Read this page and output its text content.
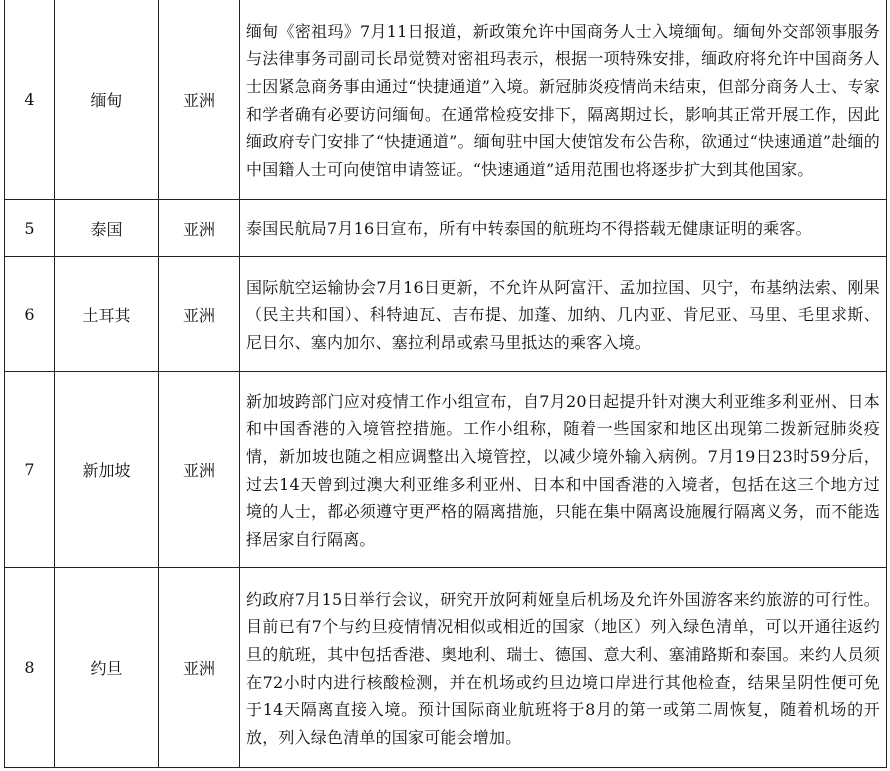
4	缅甸	亚洲	缅甸《密祖玛》7月11日报道，新政策允许中国商务人士入境缅甸。缅甸外交部领事服务与法律事务司副司长昂觉赞对密祖玛表示，根据一项特殊安排，缅政府将允许中国商务人士因紧急商务事由通过“快捷通道”入境。新冠肺炎疫情尚未结束，但部分商务人士、专家和学者确有必要访问缅甸。在通常检疫安排下，隔离期过长，影响其正常开展工作，因此缅政府专门安排了“快捷通道”。缅甸驻中国大使馆发布公告称，欲通过“快速通道”赴缅的中国籍人士可向使馆申请签证。“快速通道”适用范围也将逐步扩大到其他国家。

5	泰国	亚洲	泰国民航局7月16日宣布，所有中转泰国的航班均不得搭载无健康证明的乘客。

6	土耳其	亚洲	国际航空运输协会7月16日更新，不允许从阿富汗、孟加拉国、贝宁，布基纳法索、刚果（民主共和国）、科特迪瓦、吉布提、加蓬、加纳、几内亚、肯尼亚、马里、毛里求斯、尼日尔、塞内加尔、塞拉利昂或索马里抵达的乘客入境。

7	新加坡	亚洲	新加坡跨部门应对疫情工作小组宣布，自7月20日起提升针对澳大利亚维多利亚州、日本和中国香港的入境管控措施。工作小组称，随着一些国家和地区出现第二拨新冠肺炎疫情，新加坡也随之相应调整出入境管控，以减少境外输入病例。7月19日23时59分后，过去14天曾到过澳大利亚维多利亚州、日本和中国香港的入境者，包括在这三个地方过境的人士，都必须遵守更严格的隔离措施，只能在集中隔离设施履行隔离义务，而不能选择居家自行隔离。

8	约旦	亚洲	约政府7月15日举行会议，研究开放阿莉娅皇后机场及允许外国游客来约旅游的可行性。目前已有7个与约旦疫情情况相似或相近的国家（地区）列入绿色清单，可以开通往返约旦的航班，其中包括香港、奥地利、瑞士、德国、意大利、塞浦路斯和泰国。来约人员须在72小时内进行核酸检测，并在机场或约旦边境口岸进行其他检查，结果呈阴性便可免于14天隔离直接入境。预计国际商业航班将于8月的第一或第二周恢复，随着机场的开放，列入绿色清单的国家可能会增加。
